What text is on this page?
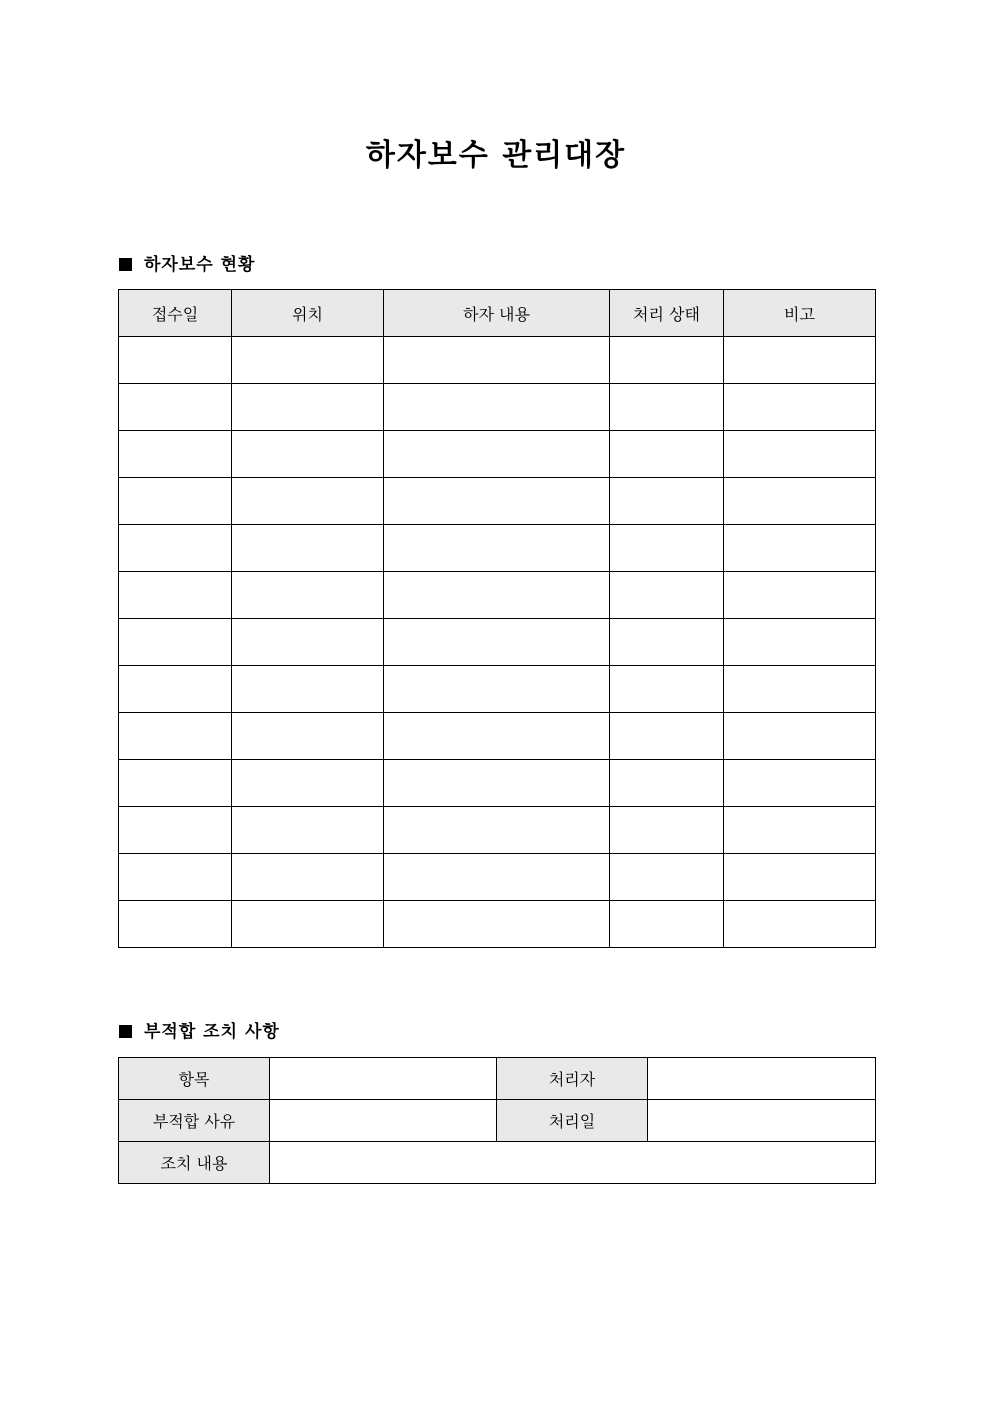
하자보수 관리대장
하자보수 현황
접수일	위치	하자 내용	처리 상태	비고

부적합 조치 사항
항목		처리자	
부적합 사유		처리일	
조치 내용			
